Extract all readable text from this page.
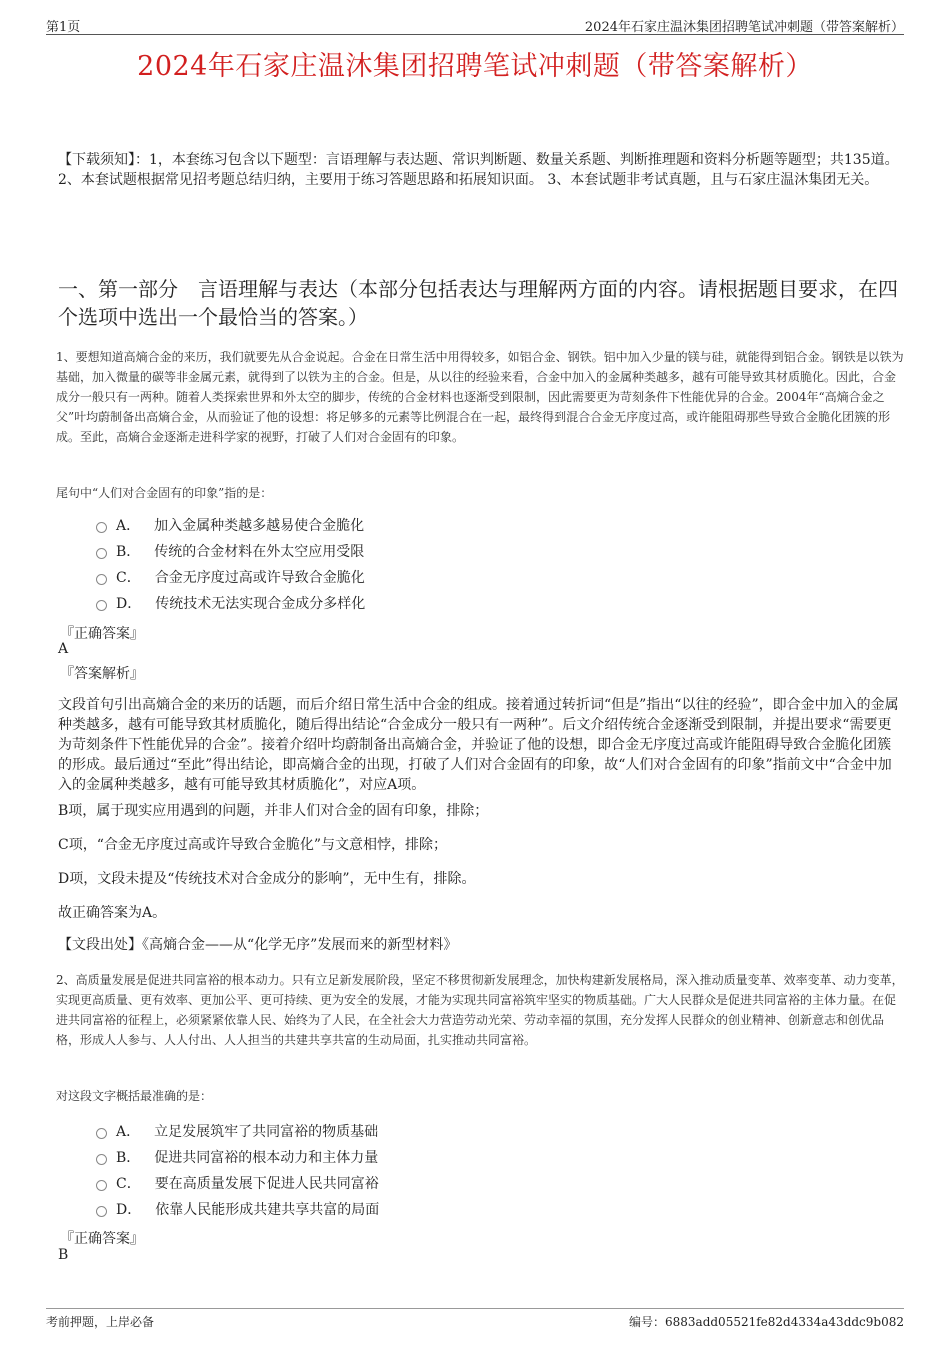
第1页	2024年石家庄温沐集团招聘笔试冲刺题（带答案解析）
2024年石家庄温沐集团招聘笔试冲刺题（带答案解析）
【下载须知】：1，本套练习包含以下题型：言语理解与表达题、常识判断题、数量关系题、判断推理题和资料分析题等题型；共135道。 2、本套试题根据常见招考题总结归纳，主要用于练习答题思路和拓展知识面。 3、本套试题非考试真题，且与石家庄温沐集团无关。
一、第一部分　言语理解与表达（本部分包括表达与理解两方面的内容。请根据题目要求，在四个选项中选出一个最恰当的答案。）
1、要想知道高熵合金的来历，我们就要先从合金说起。合金在日常生活中用得较多，如铝合金、钢铁。铝中加入少量的镁与硅，就能得到铝合金。钢铁是以铁为基础，加入微量的碳等非金属元素，就得到了以铁为主的合金。但是，从以往的经验来看，合金中加入的金属种类越多，越有可能导致其材质脆化。因此，合金成分一般只有一两种。随着人类探索世界和外太空的脚步，传统的合金材料也逐渐受到限制，因此需要更为苛刻条件下性能优异的合金。2004年“高熵合金之父”叶均蔚制备出高熵合金，从而验证了他的设想：将足够多的元素等比例混合在一起，最终得到混合合金无序度过高，或许能阻碍那些导致合金脆化团簇的形成。至此，高熵合金逐渐走进科学家的视野，打破了人们对合金固有的印象。
尾句中“人们对合金固有的印象”指的是：
A． 加入金属种类越多越易使合金脆化
B． 传统的合金材料在外太空应用受限
C． 合金无序度过高或许导致合金脆化
D． 传统技术无法实现合金成分多样化
『正确答案』
A
『答案解析』
文段首句引出高熵合金的来历的话题，而后介绍日常生活中合金的组成。接着通过转折词“但是”指出“以往的经验”，即合金中加入的金属种类越多，越有可能导致其材质脆化，随后得出结论“合金成分一般只有一两种”。后文介绍传统合金逐渐受到限制，并提出要求“需要更为苛刻条件下性能优异的合金”。接着介绍叶均蔚制备出高熵合金，并验证了他的设想，即合金无序度过高或许能阻碍导致合金脆化团簇的形成。最后通过“至此”得出结论，即高熵合金的出现，打破了人们对合金固有的印象，故“人们对合金固有的印象”指前文中“合金中加入的金属种类越多，越有可能导致其材质脆化”，对应A项。
B项，属于现实应用遇到的问题，并非人们对合金的固有印象，排除；
C项，“合金无序度过高或许导致合金脆化”与文意相悖，排除；
D项，文段未提及“传统技术对合金成分的影响”，无中生有，排除。
故正确答案为A。
【文段出处】《高熵合金——从“化学无序”发展而来的新型材料》
2、高质量发展是促进共同富裕的根本动力。只有立足新发展阶段，坚定不移贯彻新发展理念，加快构建新发展格局，深入推动质量变革、效率变革、动力变革，实现更高质量、更有效率、更加公平、更可持续、更为安全的发展，才能为实现共同富裕筑牢坚实的物质基础。广大人民群众是促进共同富裕的主体力量。在促进共同富裕的征程上，必须紧紧依靠人民、始终为了人民，在全社会大力营造劳动光荣、劳动幸福的氛围，充分发挥人民群众的创业精神、创新意志和创优品格，形成人人参与、人人付出、人人担当的共建共享共富的生动局面，扎实推动共同富裕。
对这段文字概括最准确的是：
A． 立足发展筑牢了共同富裕的物质基础
B． 促进共同富裕的根本动力和主体力量
C． 要在高质量发展下促进人民共同富裕
D． 依靠人民能形成共建共享共富的局面
『正确答案』
B
考前押题，上岸必备	编号：6883add05521fe82d4334a43ddc9b082
